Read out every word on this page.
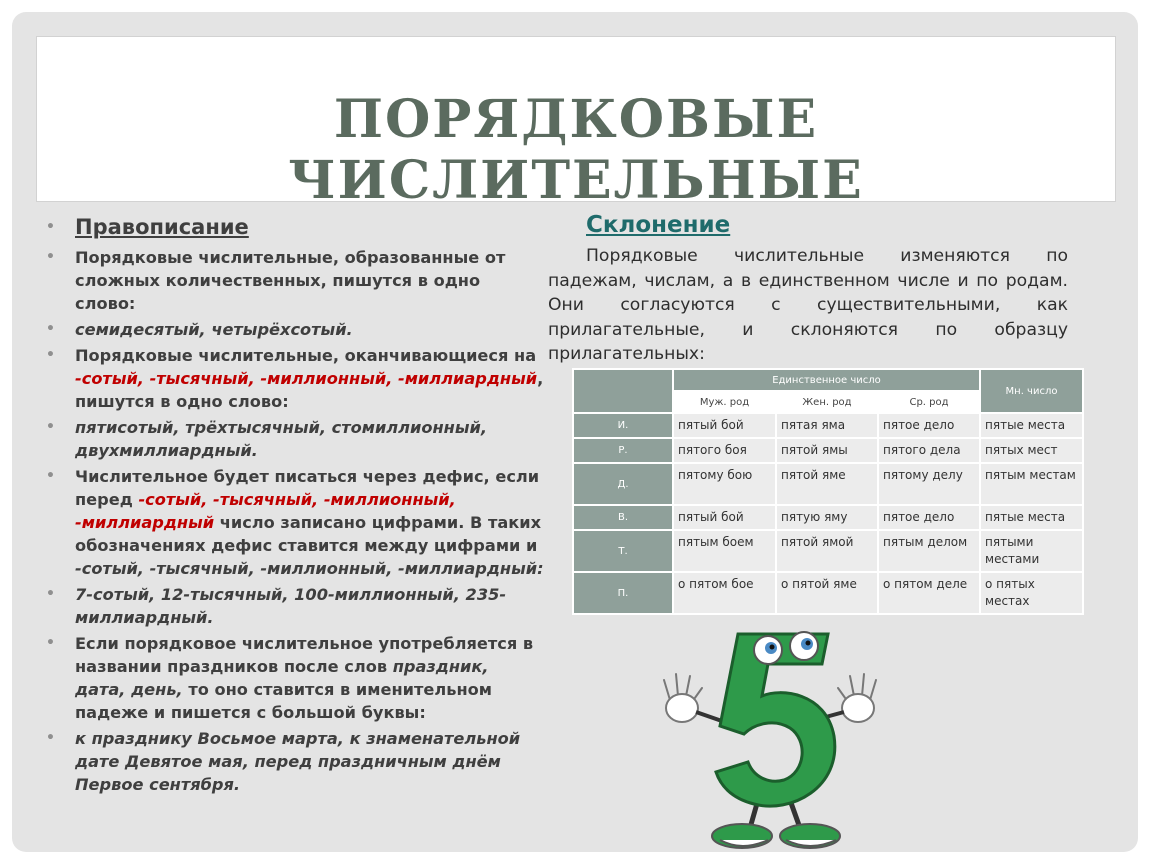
ПОРЯДКОВЫЕ ЧИСЛИТЕЛЬНЫЕ
• Правописание
• Порядковые числительные, образованные от сложных количественных, пишутся в одно слово:
• семидесятый, четырёхсотый.
• Порядковые числительные, оканчивающиеся на -сотый, -тысячный, -миллионный, -миллиардный, пишутся в одно слово:
• пятисотый, трёхтысячный, стомиллионный, двухмиллиардный.
• Числительное будет писаться через дефис, если перед -сотый, -тысячный, -миллионный, -миллиардный число записано цифрами. В таких обозначениях дефис ставится между цифрами и -сотый, -тысячный, -миллионный, -миллиардный:
• 7-сотый, 12-тысячный, 100-миллионный, 235-миллиардный.
• Если порядковое числительное употребляется в названии праздников после слов праздник, дата, день, то оно ставится в именительном падеже и пишется с большой буквы:
• к празднику Восьмое марта, к знаменательной дате Девятое мая, перед праздничным днём Первое сентября.
Склонение
Порядковые числительные изменяются по падежам, числам, а в единственном числе и по родам. Они согласуются с существительными, как прилагательные, и склоняются по образцу прилагательных:
	Единственное число			Мн. число
	Муж. род	Жен. род	Ср. род	
И.	пятый бой	пятая яма	пятое дело	пятые места
Р.	пятого боя	пятой ямы	пятого дела	пятых мест
Д.	пятому бою	пятой яме	пятому делу	пятым местам
В.	пятый бой	пятую яму	пятое дело	пятые места
Т.	пятым боем	пятой ямой	пятым делом	пятыми местами
П.	о пятом бое	о пятой яме	о пятом деле	о пятых местах
